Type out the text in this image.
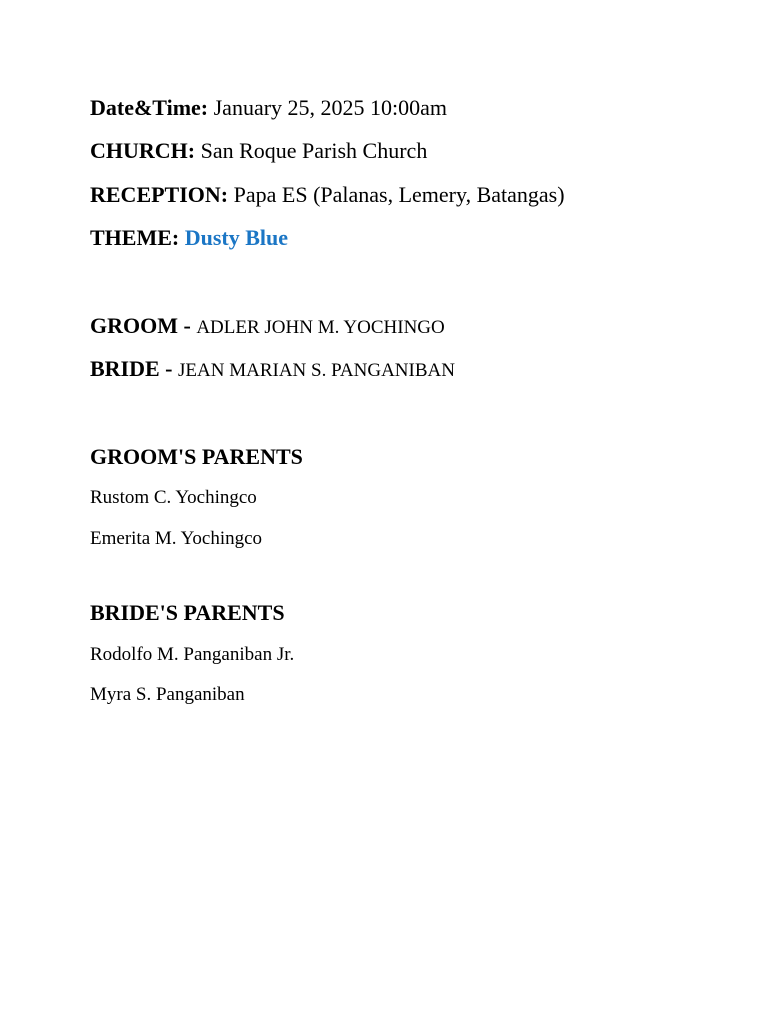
Date&Time: January 25, 2025 10:00am
CHURCH: San Roque Parish Church
RECEPTION: Papa ES (Palanas, Lemery, Batangas)
THEME: Dusty Blue
GROOM - ADLER JOHN M. YOCHINGO
BRIDE - JEAN MARIAN S. PANGANIBAN
GROOM'S PARENTS
Rustom C. Yochingco
Emerita M. Yochingco
BRIDE'S PARENTS
Rodolfo M. Panganiban Jr.
Myra S. Panganiban
